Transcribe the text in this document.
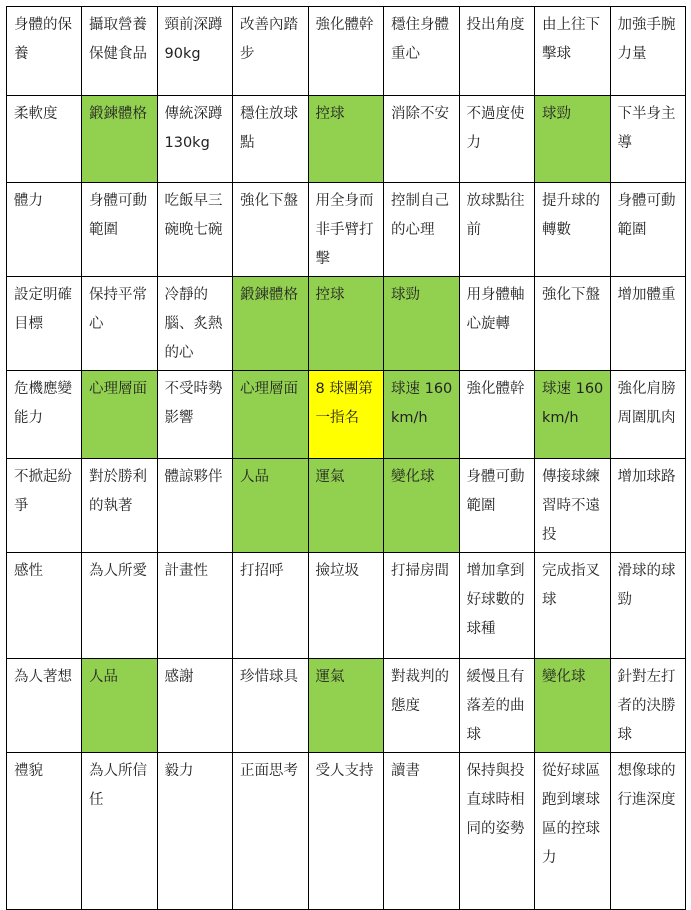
身體的保養	攝取營養保健食品	頸前深蹲 90kg	改善內踏步	強化體幹	穩住身體重心	投出角度	由上往下擊球	加強手腕力量
柔軟度	鍛鍊體格	傳統深蹲 130kg	穩住放球點	控球	消除不安	不過度使力	球勁	下半身主導
體力	身體可動範圍	吃飯早三碗晚七碗	強化下盤	用全身而非手臂打擊	控制自己的心理	放球點往前	提升球的轉數	身體可動範圍
設定明確目標	保持平常心	冷靜的腦、炙熱的心	鍛鍊體格	控球	球勁	用身體軸心旋轉	強化下盤	增加體重
危機應變能力	心理層面	不受時勢影響	心理層面	8 球團第一指名	球速 160km/h	強化體幹	球速 160km/h	強化肩膀周圍肌肉
不掀起紛爭	對於勝利的執著	體諒夥伴	人品	運氣	變化球	身體可動範圍	傳接球練習時不遠投	增加球路
感性	為人所愛	計畫性	打招呼	撿垃圾	打掃房間	增加拿到好球數的球種	完成指叉球	滑球的球勁
為人著想	人品	感謝	珍惜球具	運氣	對裁判的態度	緩慢且有落差的曲球	變化球	針對左打者的決勝球
禮貌	為人所信任	毅力	正面思考	受人支持	讀書	保持與投直球時相同的姿勢	從好球區跑到壞球區的控球力	想像球的行進深度
